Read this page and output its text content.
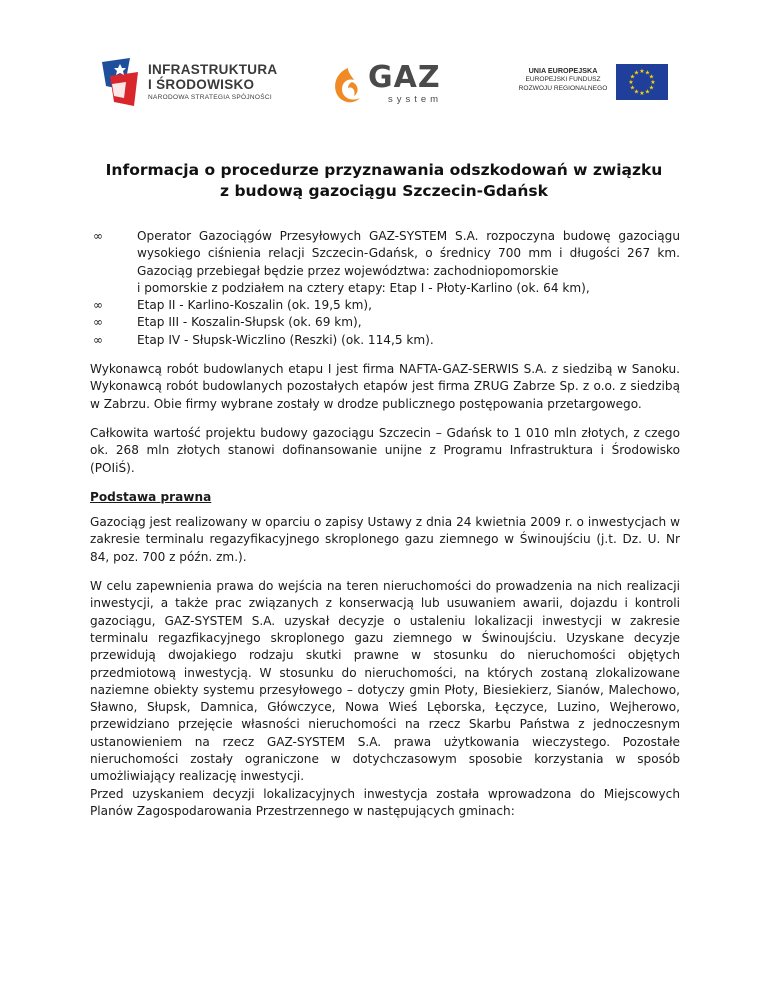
INFRASTRUKTURA
I ŚRODOWISKO
NARODOWA STRATEGIA SPÓJNOŚCI
GAZ
system
UNIA EUROPEJSKA
EUROPEJSKI FUNDUSZ
ROZWOJU REGIONALNEGO
★ ★
★
★
★
★
★
★
★
★
★
★
Informacja o procedurze przyznawania odszkodowań w związku
z budową gazociągu Szczecin-Gdańsk
∞	Operator Gazociągów Przesyłowych GAZ-SYSTEM S.A. rozpoczyna budowę gazociągu wysokiego ciśnienia relacji Szczecin-Gdańsk, o średnicy 700 mm i długości 267 km. Gazociąg przebiegał będzie przez województwa: zachodniopomorskie
i pomorskie z podziałem na cztery etapy: Etap I - Płoty-Karlino (ok. 64 km),
∞	Etap II - Karlino-Koszalin (ok. 19,5 km),
∞	Etap III - Koszalin-Słupsk (ok. 69 km),
∞	Etap IV - Słupsk-Wiczlino (Reszki) (ok. 114,5 km).

Wykonawcą robót budowlanych etapu I jest firma NAFTA-GAZ-SERWIS S.A. z siedzibą w Sanoku. Wykonawcą robót budowlanych pozostałych etapów jest firma ZRUG Zabrze Sp. z o.o. z siedzibą w Zabrzu. Obie firmy wybrane zostały w drodze publicznego postępowania przetargowego.

Całkowita wartość projektu budowy gazociągu Szczecin – Gdańsk to 1 010 mln złotych, z czego ok. 268 mln złotych stanowi dofinansowanie unijne z Programu Infrastruktura i Środowisko (POIiŚ).

Podstawa prawna

Gazociąg jest realizowany w oparciu o zapisy Ustawy z dnia 24 kwietnia 2009 r. o inwestycjach w zakresie terminalu regazyfikacyjnego skroplonego gazu ziemnego w Świnoujściu (j.t. Dz. U. Nr 84, poz. 700 z późn. zm.).

W celu zapewnienia prawa do wejścia na teren nieruchomości do prowadzenia na nich realizacji inwestycji, a także prac związanych z konserwacją lub usuwaniem awarii, dojazdu i kontroli gazociągu, GAZ-SYSTEM S.A. uzyskał decyzje o ustaleniu lokalizacji inwestycji w zakresie terminalu regazfikacyjnego skroplonego gazu ziemnego w Świnoujściu. Uzyskane decyzje przewidują dwojakiego rodzaju skutki prawne w stosunku do nieruchomości objętych przedmiotową inwestycją. W stosunku do nieruchomości, na których zostaną zlokalizowane naziemne obiekty systemu przesyłowego – dotyczy gmin Płoty, Biesiekierz, Sianów, Malechowo, Sławno, Słupsk, Damnica, Główczyce, Nowa Wieś Lęborska, Łęczyce, Luzino, Wejherowo, przewidziano przejęcie własności nieruchomości na rzecz Skarbu Państwa z jednoczesnym ustanowieniem na rzecz GAZ-SYSTEM S.A. prawa użytkowania wieczystego. Pozostałe nieruchomości zostały ograniczone w dotychczasowym sposobie korzystania w sposób umożliwiający realizację inwestycji.

Przed uzyskaniem decyzji lokalizacyjnych inwestycja została wprowadzona do Miejscowych Planów Zagospodarowania Przestrzennego w następujących gminach:
